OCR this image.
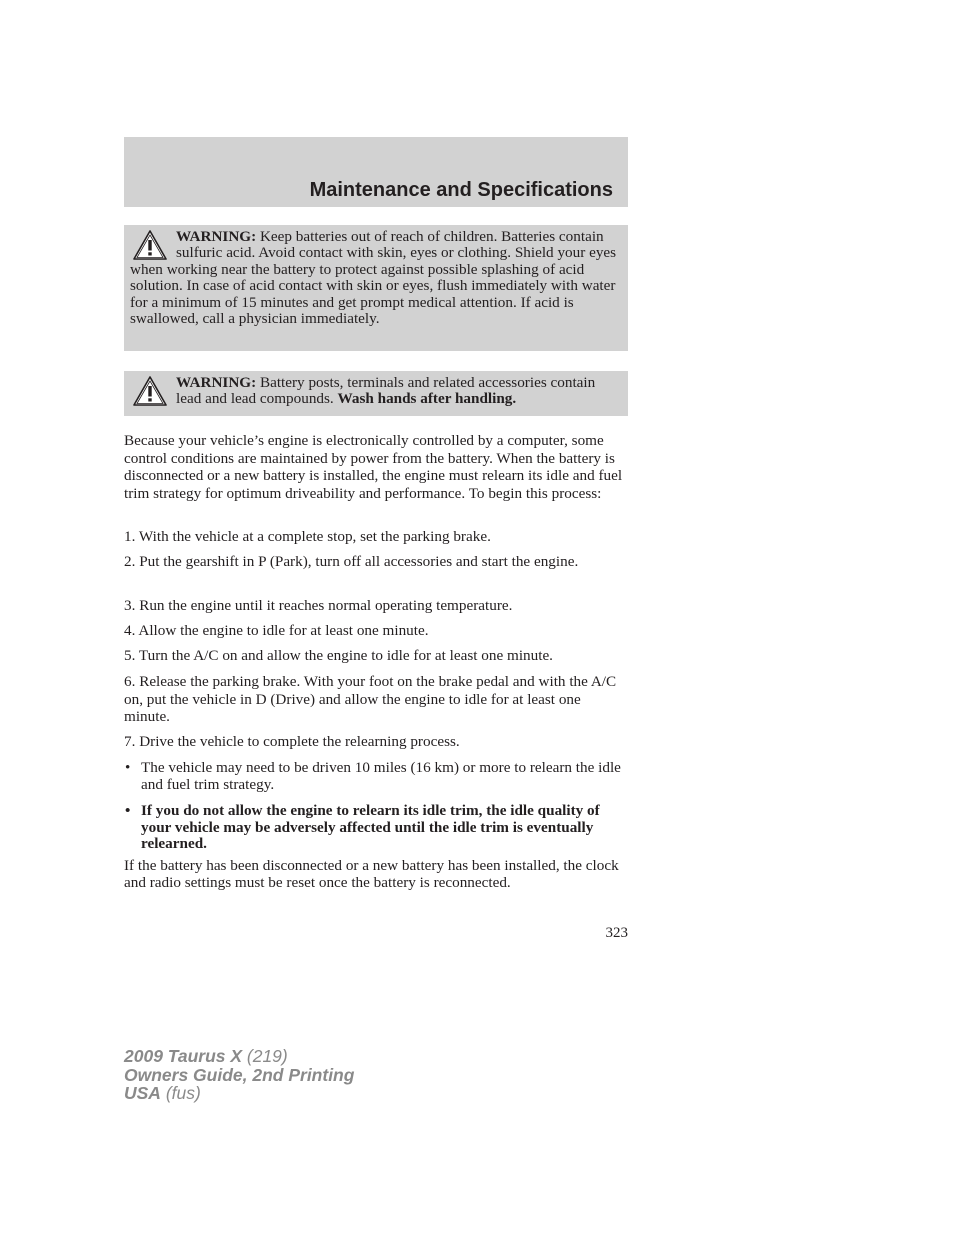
Maintenance and Specifications
WARNING: Keep batteries out of reach of children. Batteries contain sulfuric acid. Avoid contact with skin, eyes or clothing. Shield your eyes when working near the battery to protect against possible splashing of acid solution. In case of acid contact with skin or eyes, flush immediately with water for a minimum of 15 minutes and get prompt medical attention. If acid is swallowed, call a physician immediately.
WARNING: Battery posts, terminals and related accessories contain lead and lead compounds. Wash hands after handling.

Because your vehicle’s engine is electronically controlled by a computer, some control conditions are maintained by power from the battery. When the battery is disconnected or a new battery is installed, the engine must relearn its idle and fuel trim strategy for optimum driveability and performance. To begin this process:

1. With the vehicle at a complete stop, set the parking brake.

2. Put the gearshift in P (Park), turn off all accessories and start the engine.

3. Run the engine until it reaches normal operating temperature.

4. Allow the engine to idle for at least one minute.

5. Turn the A/C on and allow the engine to idle for at least one minute.

6. Release the parking brake. With your foot on the brake pedal and with the A/C on, put the vehicle in D (Drive) and allow the engine to idle for at least one minute.

7. Drive the vehicle to complete the relearning process.

• The vehicle may need to be driven 10 miles (16 km) or more to relearn the idle and fuel trim strategy.
• If you do not allow the engine to relearn its idle trim, the idle quality of your vehicle may be adversely affected until the idle trim is eventually relearned.

If the battery has been disconnected or a new battery has been installed, the clock and radio settings must be reset once the battery is reconnected.

323
2009 Taurus X (219)
Owners Guide, 2nd Printing
USA (fus)
